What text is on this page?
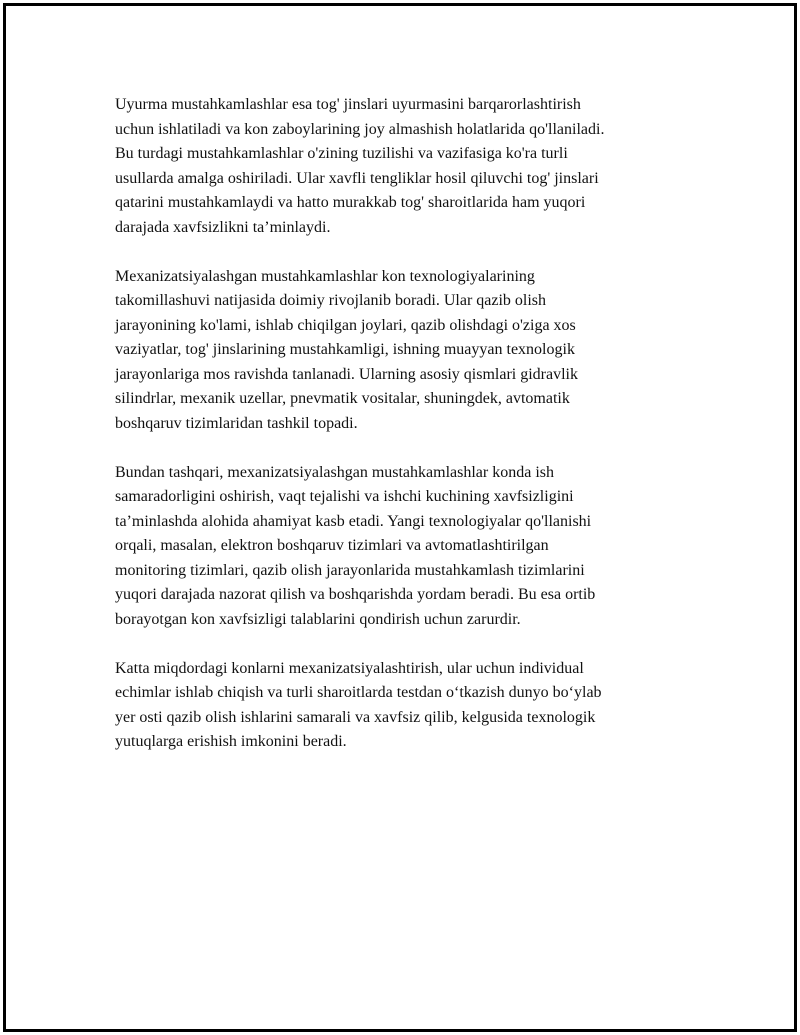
Uyurma mustahkamlashlar esa tog' jinslari uyurmasini barqarorlashtirish
uchun ishlatiladi va kon zaboylarining joy almashish holatlarida qo'llaniladi.
Bu turdagi mustahkamlashlar o'zining tuzilishi va vazifasiga ko'ra turli
usullarda amalga oshiriladi. Ular xavfli tengliklar hosil qiluvchi tog' jinslari
qatarini mustahkamlaydi va hatto murakkab tog' sharoitlarida ham yuqori
darajada xavfsizlikni ta’minlaydi.

Mexanizatsiyalashgan mustahkamlashlar kon texnologiyalarining
takomillashuvi natijasida doimiy rivojlanib boradi. Ular qazib olish
jarayonining ko'lami, ishlab chiqilgan joylari, qazib olishdagi o'ziga xos
vaziyatlar, tog' jinslarining mustahkamligi, ishning muayyan texnologik
jarayonlariga mos ravishda tanlanadi. Ularning asosiy qismlari gidravlik
silindrlar, mexanik uzellar, pnevmatik vositalar, shuningdek, avtomatik
boshqaruv tizimlaridan tashkil topadi.

Bundan tashqari, mexanizatsiyalashgan mustahkamlashlar konda ish
samaradorligini oshirish, vaqt tejalishi va ishchi kuchining xavfsizligini
ta’minlashda alohida ahamiyat kasb etadi. Yangi texnologiyalar qo'llanishi
orqali, masalan, elektron boshqaruv tizimlari va avtomatlashtirilgan
monitoring tizimlari, qazib olish jarayonlarida mustahkamlash tizimlarini
yuqori darajada nazorat qilish va boshqarishda yordam beradi. Bu esa ortib
borayotgan kon xavfsizligi talablarini qondirish uchun zarurdir.

Katta miqdordagi konlarni mexanizatsiyalashtirish, ular uchun individual
echimlar ishlab chiqish va turli sharoitlarda testdan o‘tkazish dunyo bo‘ylab
yer osti qazib olish ishlarini samarali va xavfsiz qilib, kelgusida texnologik
yutuqlarga erishish imkonini beradi.
